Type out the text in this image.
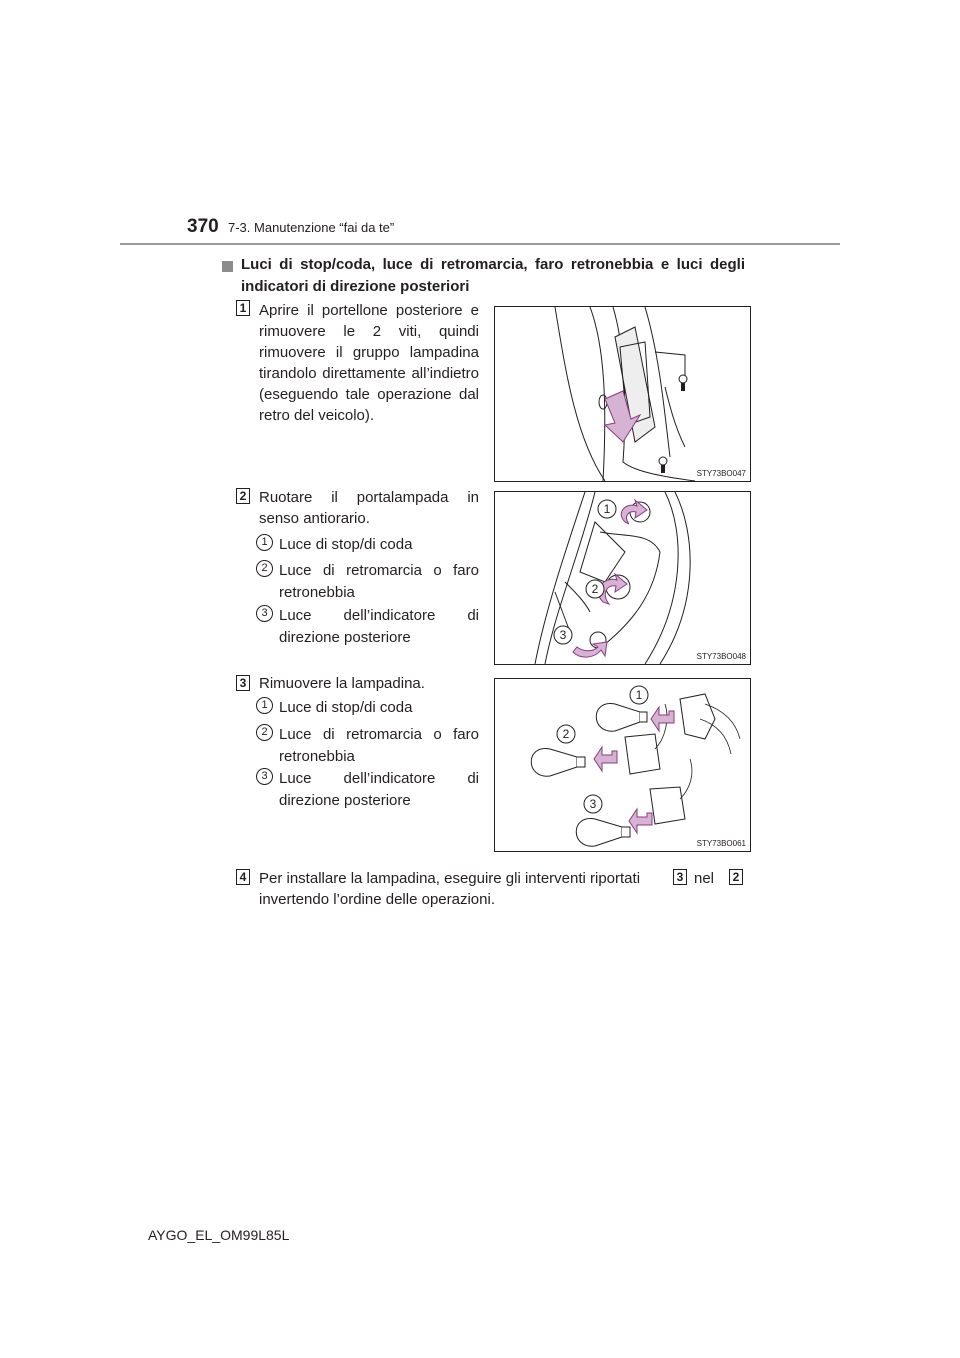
370 7-3. Manutenzione “fai da te”
Luci di stop/coda, luce di retromarcia, faro retronebbia e luci degli indicatori di direzione posteriori
1 Aprire il portellone posteriore e rimuovere le 2 viti, quindi rimuovere il gruppo lampadina tirandolo direttamente all’indietro (eseguendo tale operazione dal retro del veicolo).
STY73BO047
2 Ruotare il portalampada in senso antiorario.
1 Luce di stop/di coda
2 Luce di retromarcia o faro retronebbia
3 Luce dell’indicatore di direzione posteriore
1
2
3
STY73BO048
3 Rimuovere la lampadina.
1 Luce di stop/di coda
2 Luce di retromarcia o faro retronebbia
3 Luce dell’indicatore di direzione posteriore
1
2
3
STY73BO061
4 Per installare la lampadina, eseguire gli interventi riportati	3 nel	2
invertendo l’ordine delle operazioni.
AYGO_EL_OM99L85L
